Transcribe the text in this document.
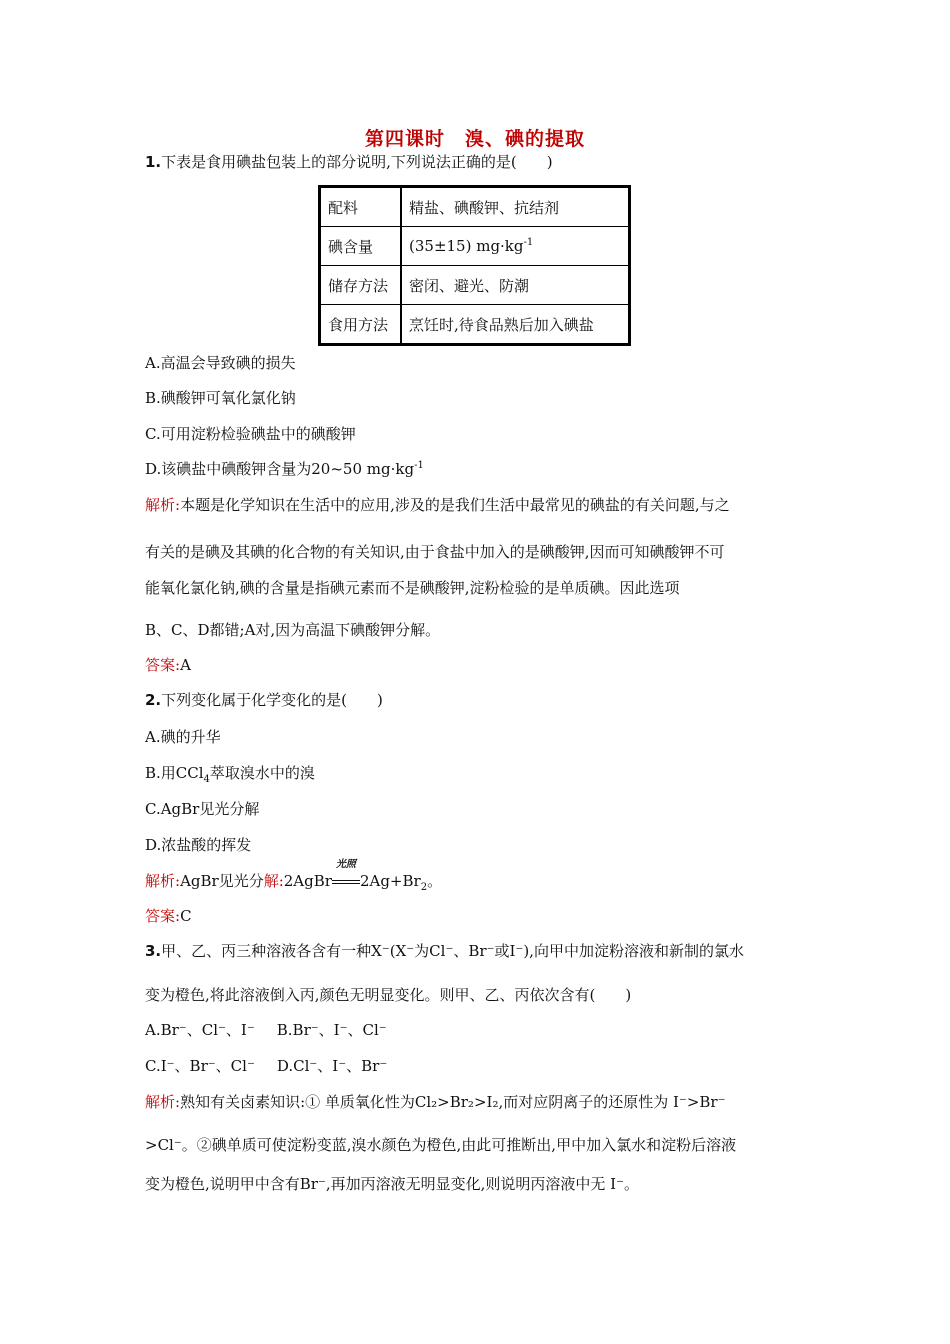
第四课时　溴、碘的提取
1.下表是食用碘盐包装上的部分说明,下列说法正确的是(　　)
配料	精盐、碘酸钾、抗结剂
碘含量	(35±15) $mg\cdot kg^{-1}$
储存方法	密闭、避光、防潮
食用方法	烹饪时,待食品熟后加入碘盐
A.高温会导致碘的损失
B.碘酸钾可氧化氯化钠
C.可用淀粉检验碘盐中的碘酸钾
D.该碘盐中碘酸钾含量为20~50 $mg\cdot kg^{-1}$
解析:本题是化学知识在生活中的应用,涉及的是我们生活中最常见的碘盐的有关问题,与之
有关的是碘及其碘的化合物的有关知识,由于食盐中加入的是碘酸钾,因而可知碘酸钾不可
能氧化氯化钠,碘的含量是指碘元素而不是碘酸钾,淀粉检验的是单质碘。因此选项
B、C、D都错;A对,因为高温下碘酸钾分解。
答案:A
2.下列变化属于化学变化的是(　　)
A.碘的升华
B.用CCl$_4$萃取溴水中的溴
C.AgBr见光分解
D.浓盐酸的挥发
解析:AgBr见光分解:2AgBr
光照
$2Ag+Br_2$。
答案:C
3.甲、乙、丙三种溶液各含有一种X⁻(X⁻为Cl⁻、Br⁻或I⁻),向甲中加淀粉溶液和新制的氯水
变为橙色,将此溶液倒入丙,颜色无明显变化。则甲、乙、丙依次含有(　　)
A.Br⁻、Cl⁻、I⁻ B.Br⁻、I⁻、Cl⁻
C.I⁻、Br⁻、Cl⁻ D.Cl⁻、I⁻、Br⁻
解析:熟知有关卤素知识:① 单质氧化性为Cl₂>Br₂>I₂,而对应阴离子的还原性为 I⁻>Br⁻
>Cl⁻。②碘单质可使淀粉变蓝,溴水颜色为橙色,由此可推断出,甲中加入氯水和淀粉后溶液
变为橙色,说明甲中含有Br⁻,再加丙溶液无明显变化,则说明丙溶液中无 I⁻。
